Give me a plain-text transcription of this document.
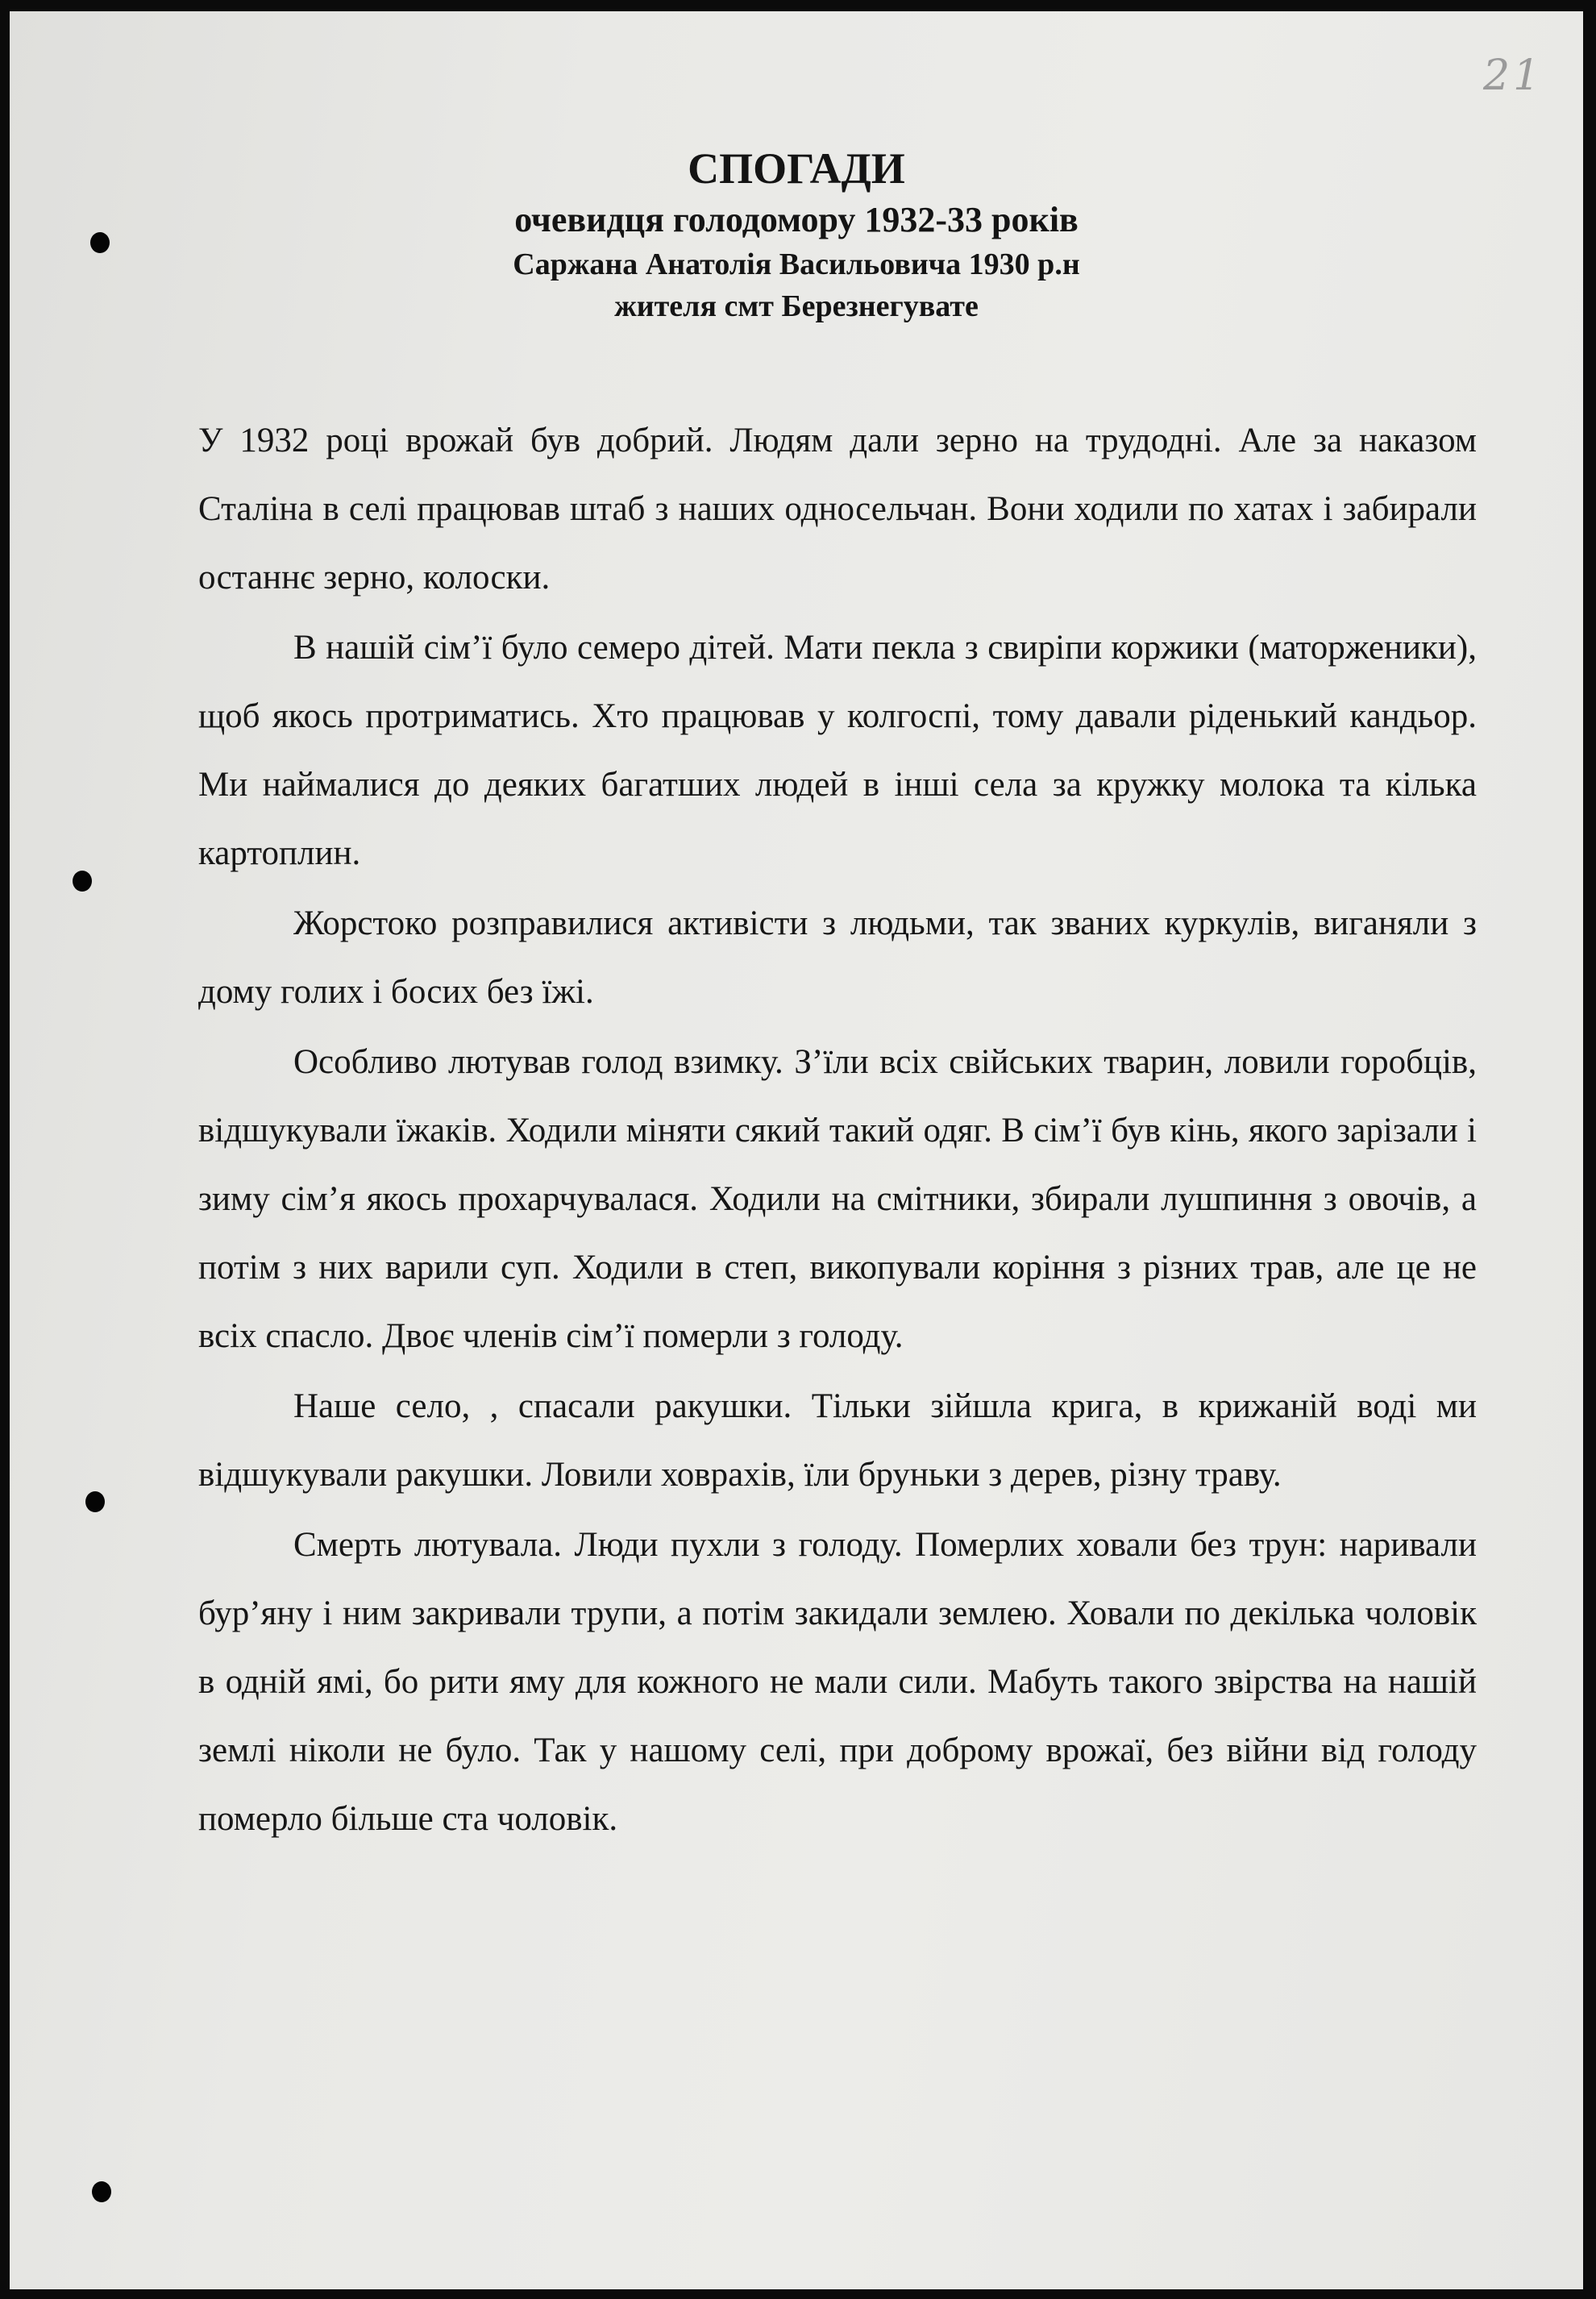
21
СПОГАДИ
очевидця голодомору 1932-33 років
Саржана Анатолія Васильовича 1930 р.н
жителя смт Березнегувате

У 1932 році врожай був добрий. Людям дали зерно на трудодні. Але за наказом Сталіна в селі працював штаб з наших односельчан. Вони ходили по хатах і забирали останнє зерно, колоски.

В нашій сім’ї було семеро дітей. Мати пекла з свиріпи коржики (маторженики), щоб якось протриматись. Хто працював у колгоспі, тому давали ріденький кандьор. Ми наймалися до деяких багатших людей в інші села за кружку молока та кілька картоплин.

Жорстоко розправилися активісти з людьми, так званих куркулів, виганяли з дому голих і босих без їжі.

Особливо лютував голод взимку. З’їли всіх свійських тварин, ловили горобців, відшукували їжаків. Ходили міняти сякий такий одяг. В сім’ї був кінь, якого зарізали і зиму сім’я якось прохарчувалася. Ходили на смітники, збирали лушпиння з овочів, а потім з них варили суп. Ходили в степ, викопували коріння з різних трав, але це не всіх спасло. Двоє членів сім’ї померли з голоду.

Наше село, , спасали ракушки. Тільки зійшла крига, в крижаній воді ми відшукували ракушки. Ловили ховрахів, їли бруньки з дерев, різну траву.

Смерть лютувала. Люди пухли з голоду. Померлих ховали без трун: наривали бур’яну і ним закривали трупи, а потім закидали землею. Ховали по декілька чоловік в одній ямі, бо рити яму для кожного не мали сили. Мабуть такого звірства на нашій землі ніколи не було. Так у нашому селі, при доброму врожаї, без війни від голоду померло більше ста чоловік.
